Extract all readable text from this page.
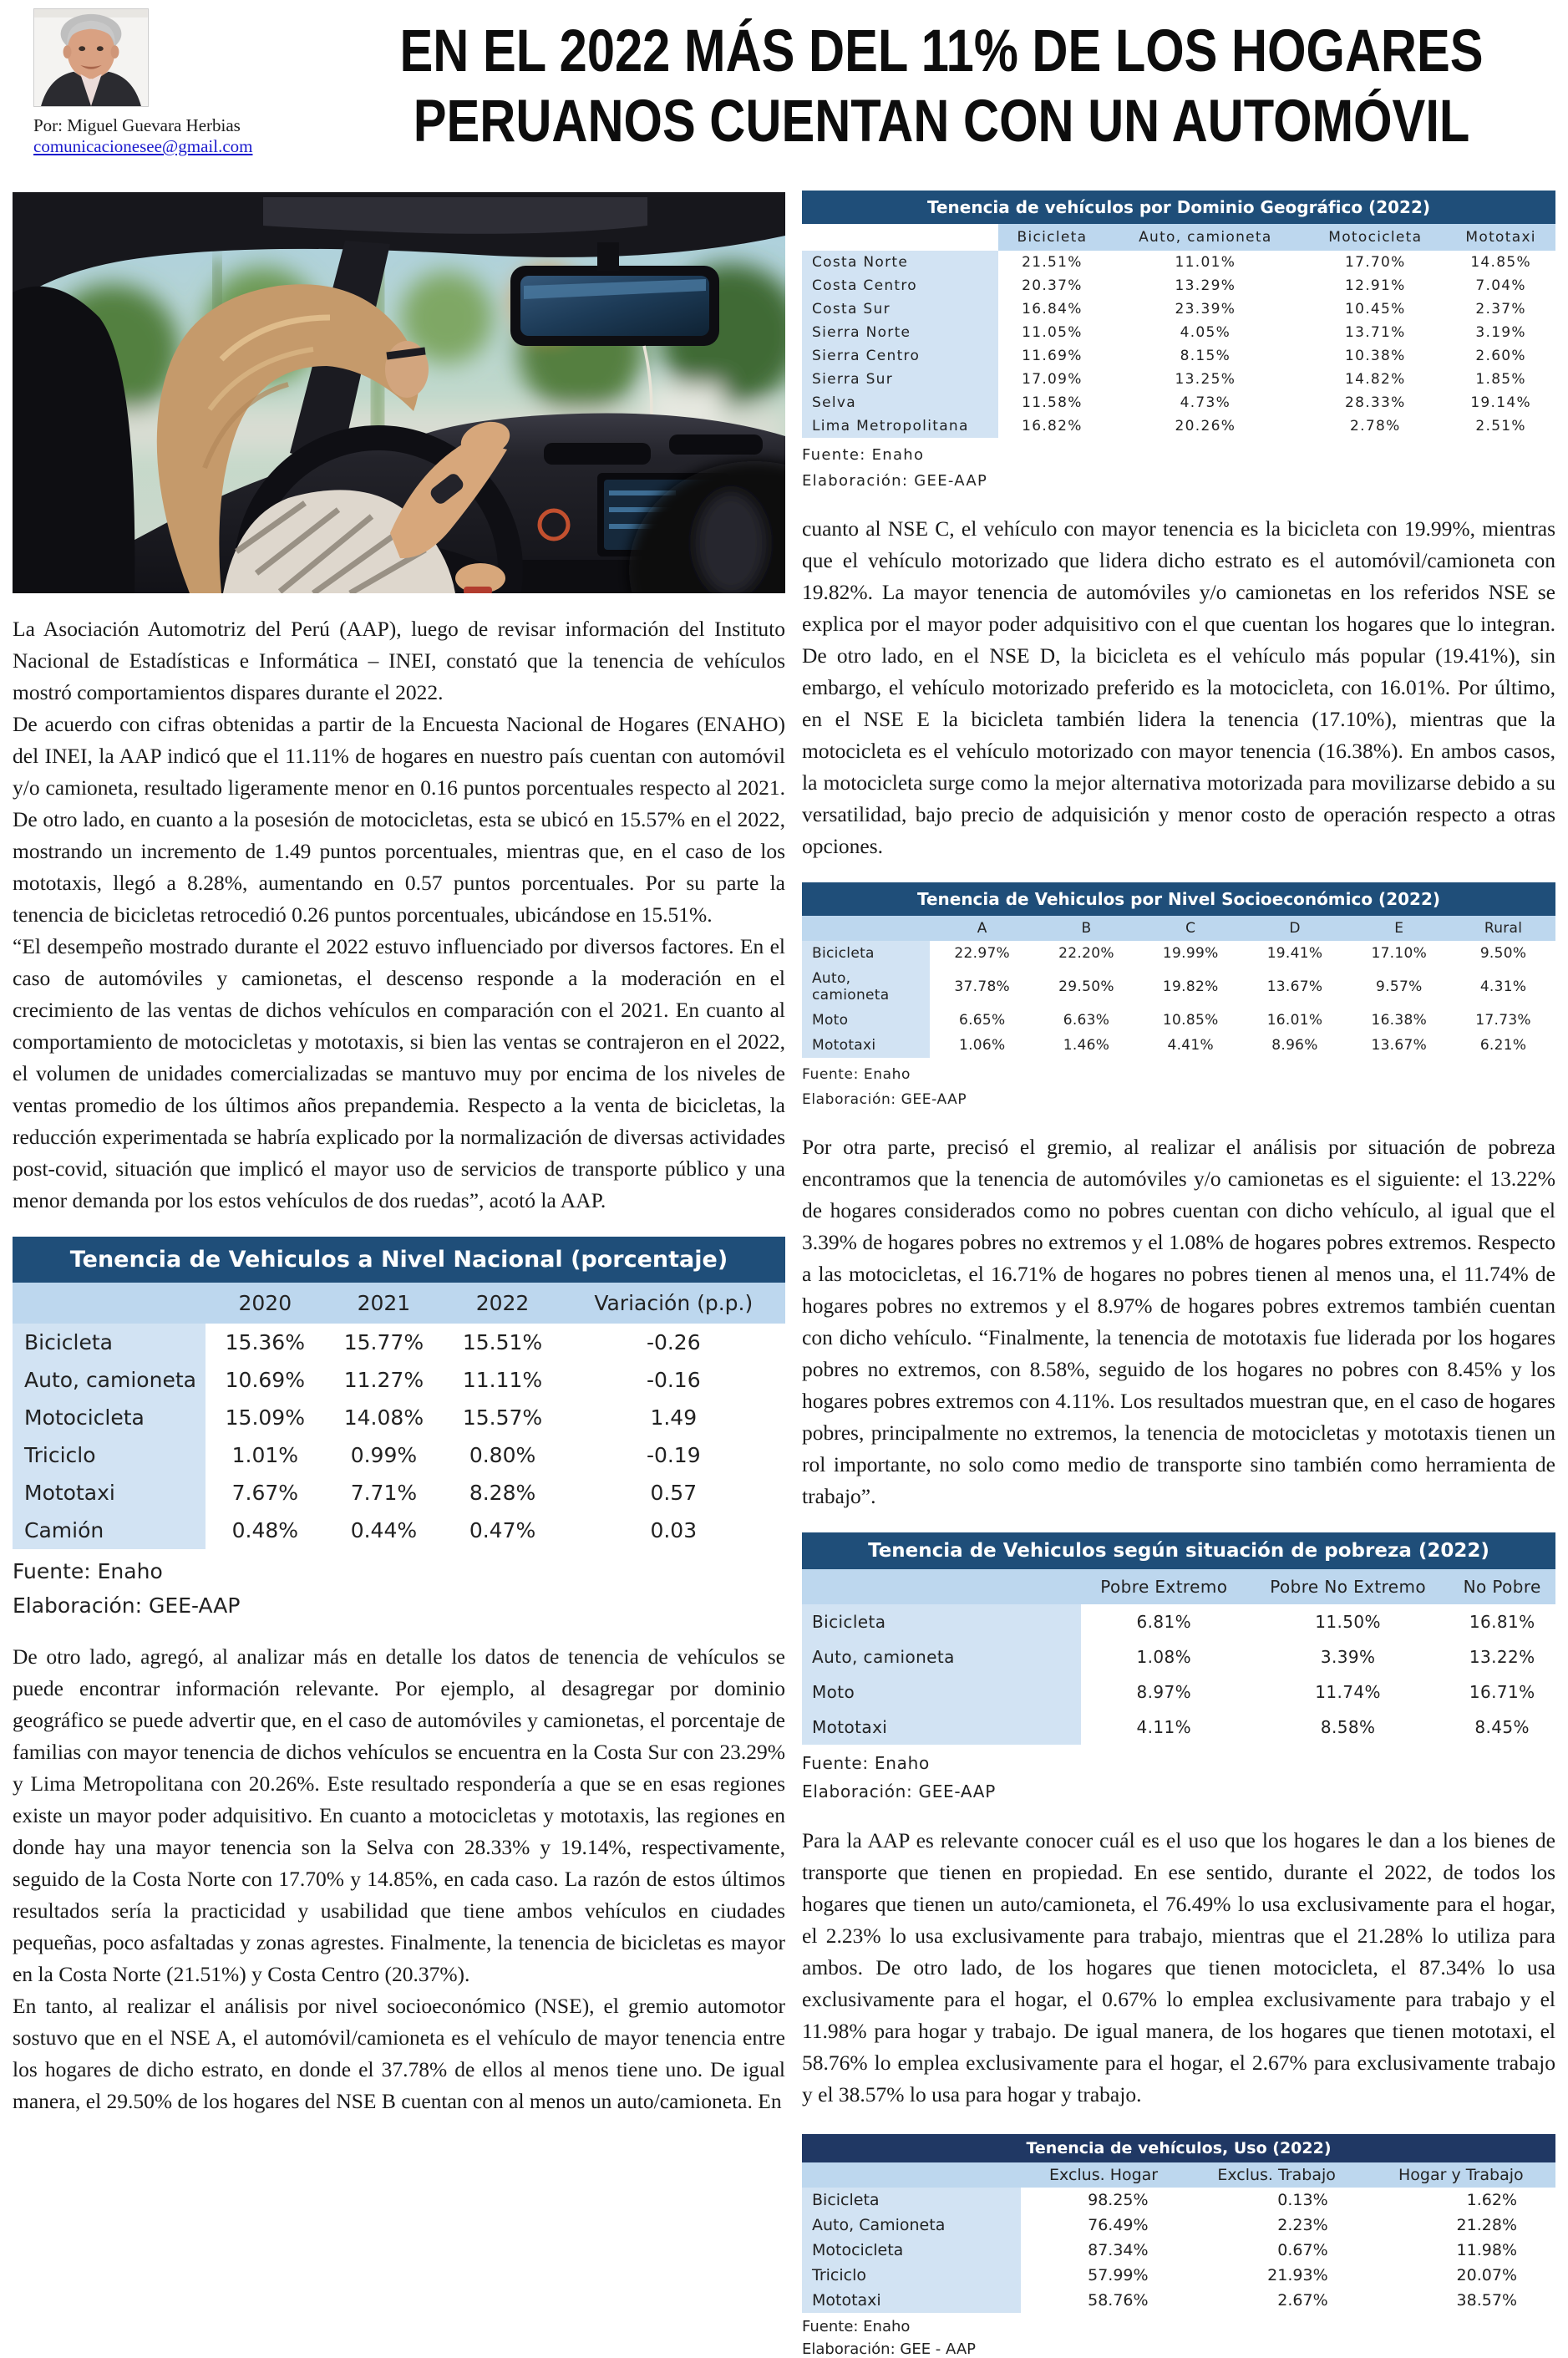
Por: Miguel Guevara Herbias
comunicacionesee@gmail.com
EN EL 2022 MÁS DEL 11% DE LOS HOGARES
PERUANOS CUENTAN CON UN AUTOMÓVIL

La Asociación Automotriz del Perú (AAP), luego de revisar información del Instituto Nacional de Estadísticas e Informática – INEI, constató que la tenencia de vehículos mostró comportamientos dispares durante el 2022.

De acuerdo con cifras obtenidas a partir de la Encuesta Nacional de Hogares (ENAHO) del INEI, la AAP indicó que el 11.11% de hogares en nuestro país cuentan con automóvil y/o camioneta, resultado ligeramente menor en 0.16 puntos porcentuales respecto al 2021. De otro lado, en cuanto a la posesión de motocicletas, esta se ubicó en 15.57% en el 2022, mostrando un incremento de 1.49 puntos porcentuales, mientras que, en el caso de los mototaxis, llegó a 8.28%, aumentando en 0.57 puntos porcentuales. Por su parte la tenencia de bicicletas retrocedió 0.26 puntos porcentuales, ubicándose en 15.51%.

“El desempeño mostrado durante el 2022 estuvo influenciado por diversos factores. En el caso de automóviles y camionetas, el descenso responde a la moderación en el crecimiento de las ventas de dichos vehículos en comparación con el 2021. En cuanto al comportamiento de motocicletas y mototaxis, si bien las ventas se contrajeron en el 2022, el volumen de unidades comercializadas se mantuvo muy por encima de los niveles de ventas promedio de los últimos años prepandemia. Respecto a la venta de bicicletas, la reducción experimentada se habría explicado por la normalización de diversas actividades post-covid, situación que implicó el mayor uso de servicios de transporte público y una menor demanda por los estos vehículos de dos ruedas”, acotó la AAP.

Tenencia de Vehiculos a Nivel Nacional (porcentaje)
	2020	2021	2022	Variación (p.p.)
Bicicleta	15.36%	15.77%	15.51%	-0.26
Auto, camioneta	10.69%	11.27%	11.11%	-0.16
Motocicleta	15.09%	14.08%	15.57%	1.49
Triciclo	1.01%	0.99%	0.80%	-0.19
Mototaxi	7.67%	7.71%	8.28%	0.57
Camión	0.48%	0.44%	0.47%	0.03
Fuente: Enaho
Elaboración: GEE-AAP

De otro lado, agregó, al analizar más en detalle los datos de tenencia de vehículos se puede encontrar información relevante. Por ejemplo, al desagregar por dominio geográfico se puede advertir que, en el caso de automóviles y camionetas, el porcentaje de familias con mayor tenencia de dichos vehículos se encuentra en la Costa Sur con 23.29% y Lima Metropolitana con 20.26%. Este resultado respondería a que se en esas regiones existe un mayor poder adquisitivo. En cuanto a motocicletas y mototaxis, las regiones en donde hay una mayor tenencia son la Selva con 28.33% y 19.14%, respectivamente, seguido de la Costa Norte con 17.70% y 14.85%, en cada caso. La razón de estos últimos resultados sería la practicidad y usabilidad que tiene ambos vehículos en ciudades pequeñas, poco asfaltadas y zonas agrestes. Finalmente, la tenencia de bicicletas es mayor en la Costa Norte (21.51%) y Costa Centro (20.37%).

En tanto, al realizar el análisis por nivel socioeconómico (NSE), el gremio automotor sostuvo que en el NSE A, el automóvil/camioneta es el vehículo de mayor tenencia entre los hogares de dicho estrato, en donde el 37.78% de ellos al menos tiene uno. De igual manera, el 29.50% de los hogares del NSE B cuentan con al menos un auto/camioneta. En

Tenencia de vehículos por Dominio Geográfico (2022)
	Bicicleta	Auto, camioneta	Motocicleta	Mototaxi
Costa Norte	21.51%	11.01%	17.70%	14.85%
Costa Centro	20.37%	13.29%	12.91%	7.04%
Costa Sur	16.84%	23.39%	10.45%	2.37%
Sierra Norte	11.05%	4.05%	13.71%	3.19%
Sierra Centro	11.69%	8.15%	10.38%	2.60%
Sierra Sur	17.09%	13.25%	14.82%	1.85%
Selva	11.58%	4.73%	28.33%	19.14%
Lima Metropolitana	16.82%	20.26%	2.78%	2.51%
Fuente: Enaho
Elaboración: GEE-AAP

cuanto al NSE C, el vehículo con mayor tenencia es la bicicleta con 19.99%, mientras que el vehículo motorizado que lidera dicho estrato es el automóvil/camioneta con 19.82%. La mayor tenencia de automóviles y/o camionetas en los referidos NSE se explica por el mayor poder adquisitivo con el que cuentan los hogares que lo integran. De otro lado, en el NSE D, la bicicleta es el vehículo más popular (19.41%), sin embargo, el vehículo motorizado preferido es la motocicleta, con 16.01%. Por último, en el NSE E la bicicleta también lidera la tenencia (17.10%), mientras que la motocicleta es el vehículo motorizado con mayor tenencia (16.38%). En ambos casos, la motocicleta surge como la mejor alternativa motorizada para movilizarse debido a su versatilidad, bajo precio de adquisición y menor costo de operación respecto a otras opciones.

Tenencia de Vehiculos por Nivel Socioeconómico (2022)
	A	B	C	D	E	Rural
Bicicleta	22.97%	22.20%	19.99%	19.41%	17.10%	9.50%
Auto, camioneta	37.78%	29.50%	19.82%	13.67%	9.57%	4.31%
Moto	6.65%	6.63%	10.85%	16.01%	16.38%	17.73%
Mototaxi	1.06%	1.46%	4.41%	8.96%	13.67%	6.21%
Fuente: Enaho
Elaboración: GEE-AAP

Por otra parte, precisó el gremio, al realizar el análisis por situación de pobreza encontramos que la tenencia de automóviles y/o camionetas es el siguiente: el 13.22% de hogares considerados como no pobres cuentan con dicho vehículo, al igual que el 3.39% de hogares pobres no extremos y el 1.08% de hogares pobres extremos. Respecto a las motocicletas, el 16.71% de hogares no pobres tienen al menos una, el 11.74% de hogares pobres no extremos y el 8.97% de hogares pobres extremos también cuentan con dicho vehículo. “Finalmente, la tenencia de mototaxis fue liderada por los hogares pobres no extremos, con 8.58%, seguido de los hogares no pobres con 8.45% y los hogares pobres extremos con 4.11%. Los resultados muestran que, en el caso de hogares pobres, principalmente no extremos, la tenencia de motocicletas y mototaxis tienen un rol importante, no solo como medio de transporte sino también como herramienta de trabajo”.

Tenencia de Vehiculos según situación de pobreza (2022)
	Pobre Extremo	Pobre No Extremo	No Pobre
Bicicleta	6.81%	11.50%	16.81%
Auto, camioneta	1.08%	3.39%	13.22%
Moto	8.97%	11.74%	16.71%
Mototaxi	4.11%	8.58%	8.45%
Fuente: Enaho
Elaboración: GEE-AAP

Para la AAP es relevante conocer cuál es el uso que los hogares le dan a los bienes de transporte que tienen en propiedad. En ese sentido, durante el 2022, de todos los hogares que tienen un auto/camioneta, el 76.49% lo usa exclusivamente para el hogar, el 2.23% lo usa exclusivamente para trabajo, mientras que el 21.28% lo utiliza para ambos. De otro lado, de los hogares que tienen motocicleta, el 87.34% lo usa exclusivamente para el hogar, el 0.67% lo emplea exclusivamente para trabajo y el 11.98% para hogar y trabajo. De igual manera, de los hogares que tienen mototaxi, el 58.76% lo emplea exclusivamente para el hogar, el 2.67% para exclusivamente trabajo y el 38.57% lo usa para hogar y trabajo.

Tenencia de vehículos, Uso (2022)
	Exclus. Hogar	Exclus. Trabajo	Hogar y Trabajo
Bicicleta	98.25%	0.13%	1.62%
Auto, Camioneta	76.49%	2.23%	21.28%
Motocicleta	87.34%	0.67%	11.98%
Triciclo	57.99%	21.93%	20.07%
Mototaxi	58.76%	2.67%	38.57%
Fuente: Enaho
Elaboración: GEE - AAP
